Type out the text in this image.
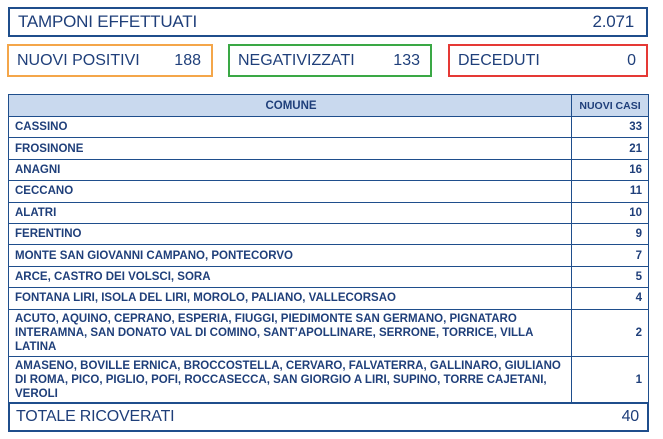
TAMPONI EFFETTUATI	2.071
NUOVI POSITIVI 188 NEGATIVIZZATI 133 DECEDUTI	0
COMUNE	NUOVI CASI
CASSINO	33
FROSINONE	21
ANAGNI	16
CECCANO	11
ALATRI	10
FERENTINO	9
MONTE SAN GIOVANNI CAMPANO, PONTECORVO	7
ARCE, CASTRO DEI VOLSCI, SORA	5
FONTANA LIRI, ISOLA DEL LIRI, MOROLO, PALIANO, VALLECORSAO	4
ACUTO, AQUINO, CEPRANO, ESPERIA, FIUGGI, PIEDIMONTE SAN GERMANO, PIGNATARO INTERAMNA, SAN DONATO VAL DI COMINO, SANT’APOLLINARE, SERRONE, TORRICE, VILLA LATINA	2
AMASENO, BOVILLE ERNICA, BROCCOSTELLA, CERVARO, FALVATERRA, GALLINARO, GIULIANO DI ROMA, PICO, PIGLIO, POFI, ROCCASECCA, SAN GIORGIO A LIRI, SUPINO, TORRE CAJETANI, VEROLI	1
TOTALE RICOVERATI	40
